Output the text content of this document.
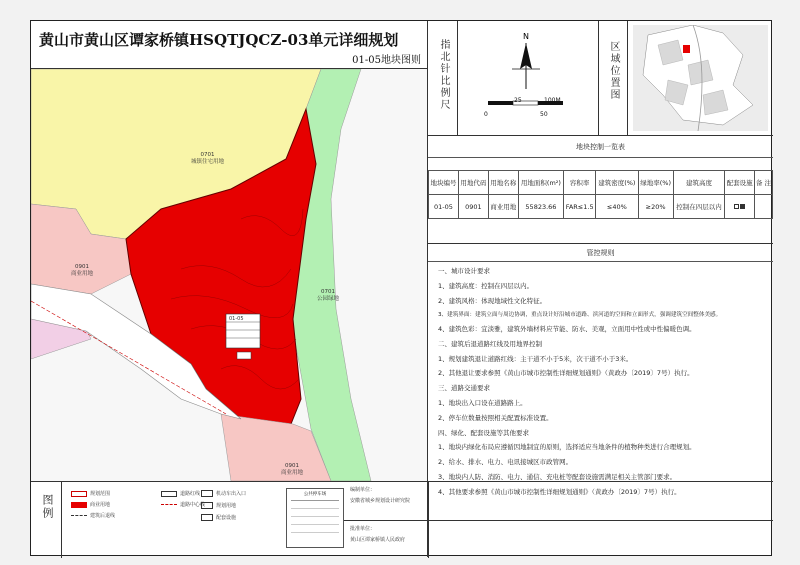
黄山市黄山区谭家桥镇HSQTJQCZ-03单元详细规划
01-05地块图则
0701
城镇住宅用地
0901
商业用地
0701
公园绿地
0901
商业用地
01-05
图例	规划范围	道路红线
商业用地	道路中心线
建筑后退线
机动车出入口
规划用地
配套设施
公共停车场
指北针比例尺
N
25	100M
0	50
区域位置图
地块控制一览表
地块编号	用地代码	用地名称	用地面积(m²)	容积率	建筑密度(%)	绿地率(%)	建筑高度	配套设施	备 注
01-05	0901	商业用地	55823.66	FAR≤1.5	≤40%	≥20%	控制在四层以内		
管控规则
一、城市设计要求
1、建筑高度：控制在四层以内。
2、建筑风格：体现地域性文化特征。
3、建筑界面：建筑立面与周边协调，重点设计好沿城市道路、滨河道的空间和立面形式，强调建筑空间整体美感。
4、建筑色彩：宜淡雅，建筑外墙材料应节能、防水、美观，立面用中性或中性偏暖色调。
二、建筑后退道路红线及用地界控制
1、规划建筑退让道路红线：主干道不小于5米，次干道不小于3米。
2、其他退让要求参照《黄山市城市控制性详细规划通则》（黄政办〔2019〕7号）执行。
三、道路交通要求
1、地块出入口设在道路路上。
2、停车位数量按照相关配置标准设置。
四、绿化、配套设施等其他要求
1、地块内绿化布局应遵循因地制宜的原则，选择适应当地条件的植物种类进行合理规划。
2、给水、排水、电力、电讯接城区市政管网。
3、地块内人防、消防、电力、通信、充电桩等配套设施需满足相关主管部门要求。
4、其他要求参照《黄山市城市控制性详细规划通则》（黄政办〔2019〕7号）执行。
编制单位：
安徽省城乡规划设计研究院
批准单位：
黄山区谭家桥镇人民政府
